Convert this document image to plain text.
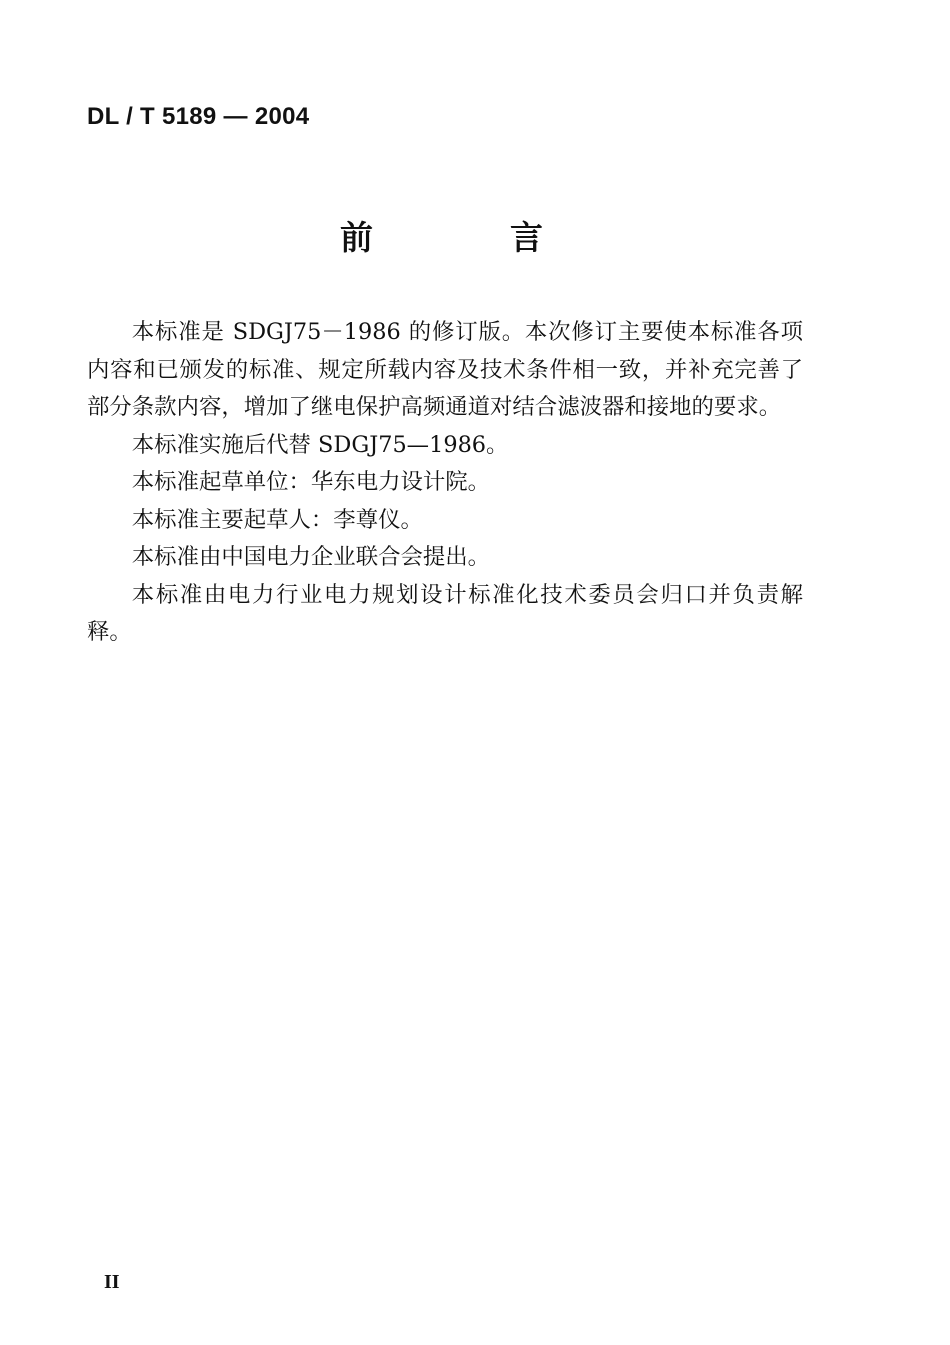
DL / T 5189 — 2004
前　言

本标准是 SDGJ75－1986 的修订版。本次修订主要使本标准各项内容和已颁发的标准、规定所载内容及技术条件相一致，并补充完善了部分条款内容，增加了继电保护高频通道对结合滤波器和接地的要求。

本标准实施后代替 SDGJ75—1986。

本标准起草单位：华东电力设计院。

本标准主要起草人：李尊仪。

本标准由中国电力企业联合会提出。

本标准由电力行业电力规划设计标准化技术委员会归口并负责解释。

II
